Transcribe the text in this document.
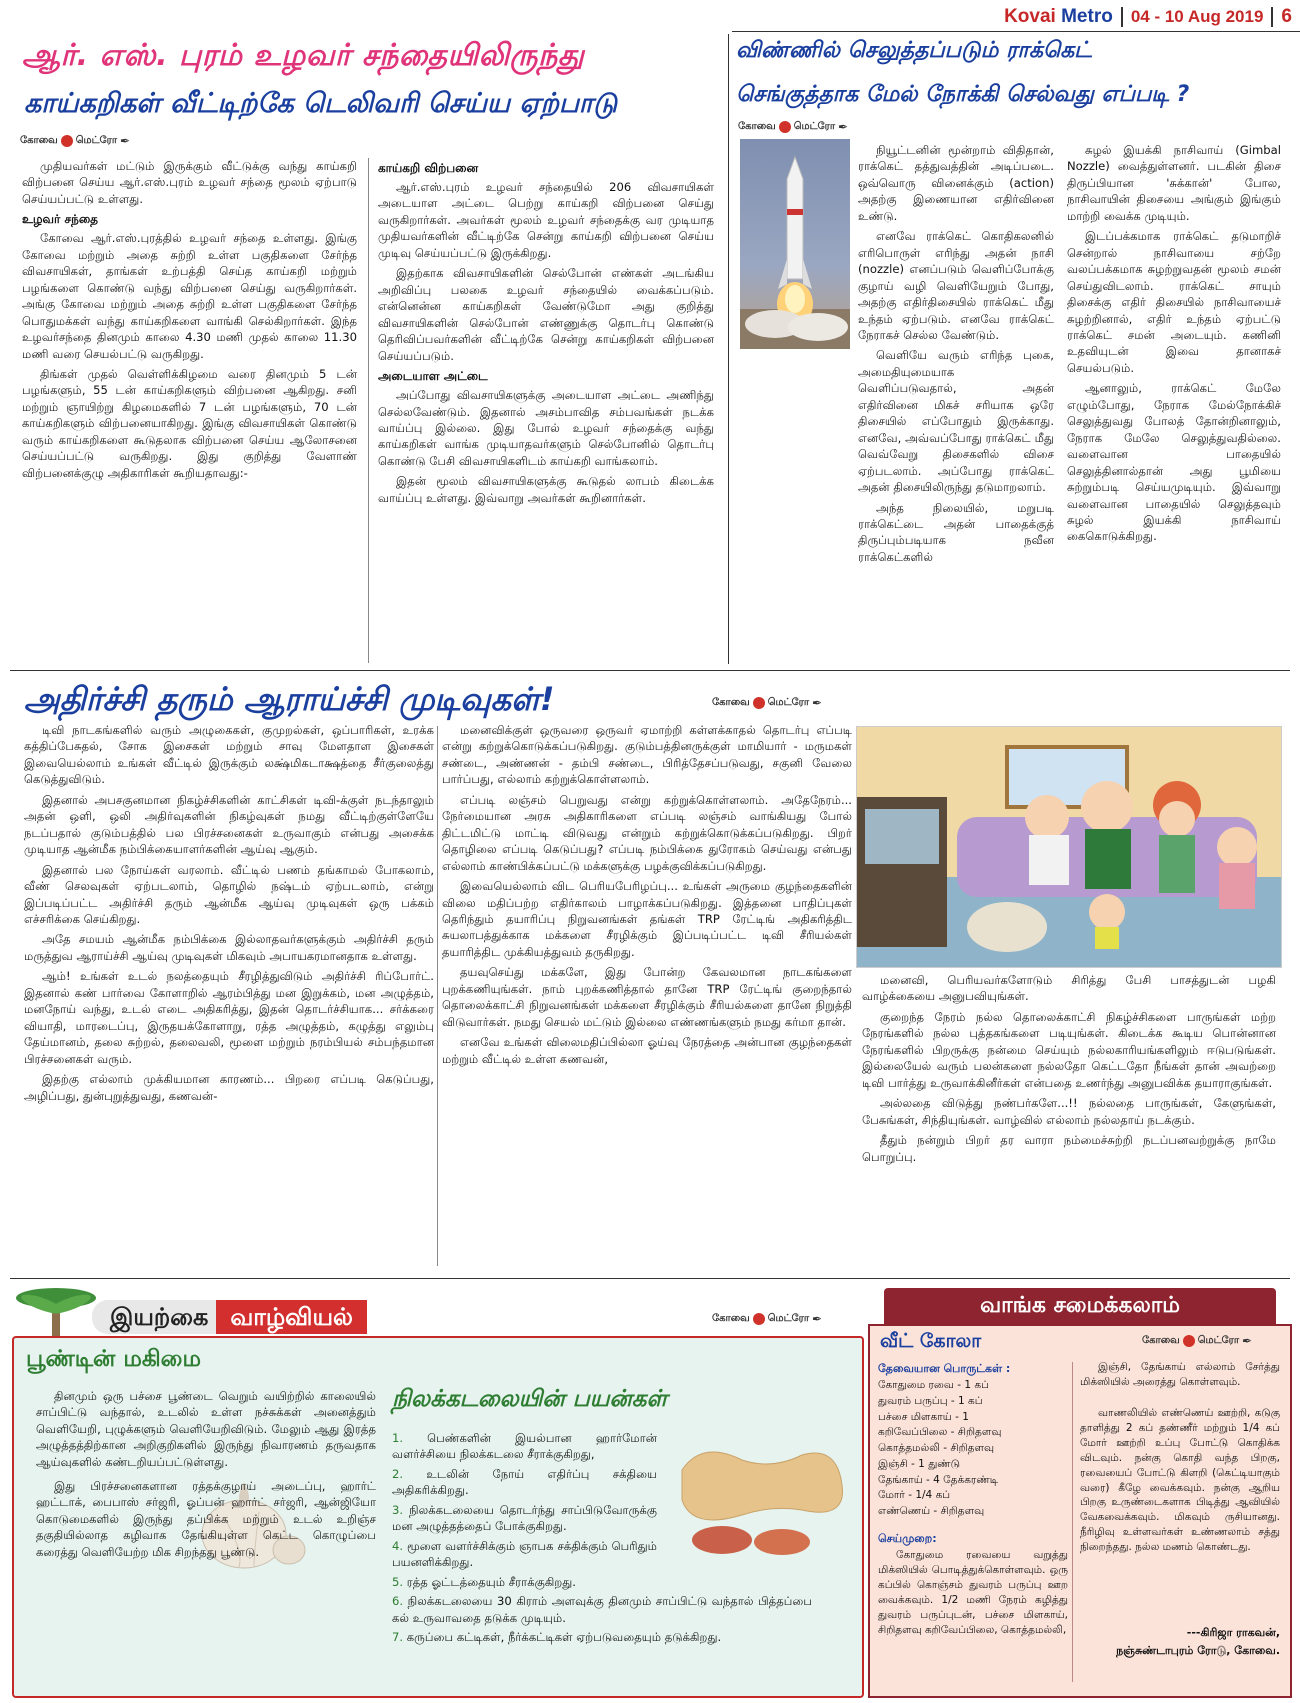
Kovai Metro 04 - 10 Aug 2019 6
ஆர். எஸ். புரம் உழவர் சந்தையிலிருந்து
காய்கறிகள் வீட்டிற்கே டெலிவரி செய்ய ஏற்பாடு
கோவை மெட்ரோ ✒

முதியவர்கள் மட்டும் இருக்கும் வீட்டுக்கு வந்து காய்கறி விற்பனை செய்ய ஆர்.எஸ்.புரம் உழவர் சந்தை மூலம் ஏற்பாடு செய்யப்பட்டு உள்ளது.

உழவர் சந்தை

கோவை ஆர்.எஸ்.புரத்தில் உழவர் சந்தை உள்ளது. இங்கு கோவை மற்றும் அதை சுற்றி உள்ள பகுதிகளை சேர்ந்த விவசாயிகள், தாங்கள் உற்பத்தி செய்த காய்கறி மற்றும் பழங்களை கொண்டு வந்து விற்பனை செய்து வருகிறார்கள். அங்கு கோவை மற்றும் அதை சுற்றி உள்ள பகுதிகளை சேர்ந்த பொதுமக்கள் வந்து காய்கறிகளை வாங்கி செல்கிறார்கள். இந்த உழவர்சந்தை தினமும் காலை 4.30 மணி முதல் காலை 11.30 மணி வரை செயல்பட்டு வருகிறது.

திங்கள் முதல் வெள்ளிக்கிழமை வரை தினமும் 5 டன் பழங்களும், 55 டன் காய்கறிகளும் விற்பனை ஆகிறது. சனி மற்றும் ஞாயிற்று கிழமைகளில் 7 டன் பழங்களும், 70 டன் காய்கறிகளும் விற்பனையாகிறது. இங்கு விவசாயிகள் கொண்டு வரும் காய்கறிகளை கூடுதலாக விற்பனை செய்ய ஆலோசனை செய்யப்பட்டு வருகிறது. இது குறித்து வேளாண் விற்பனைக்குழு அதிகாரிகள் கூறியதாவது:-

காய்கறி விற்பனை

ஆர்.எஸ்.புரம் உழவர் சந்தையில் 206 விவசாயிகள் அடையாள அட்டை பெற்று காய்கறி விற்பனை செய்து வருகிறார்கள். அவர்கள் மூலம் உழவர் சந்தைக்கு வர முடியாத முதியவர்களின் வீட்டிற்கே சென்று காய்கறி விற்பனை செய்ய முடிவு செய்யப்பட்டு இருக்கிறது.

இதற்காக விவசாயிகளின் செல்போன் எண்கள் அடங்கிய அறிவிப்பு பலகை உழவர் சந்தையில் வைக்கப்படும். என்னென்ன காய்கறிகள் வேண்டுமோ அது குறித்து விவசாயிகளின் செல்போன் எண்ணுக்கு தொடர்பு கொண்டு தெரிவிப்பவர்களின் வீட்டிற்கே சென்று காய்கறிகள் விற்பனை செய்யப்படும்.

அடையாள அட்டை

அப்போது விவசாயிகளுக்கு அடையாள அட்டை அணிந்து செல்லவேண்டும். இதனால் அசம்பாவித சம்பவங்கள் நடக்க வாய்ப்பு இல்லை. இது போல் உழவர் சந்தைக்கு வந்து காய்கறிகள் வாங்க முடியாதவர்களும் செல்போனில் தொடர்பு கொண்டு பேசி விவசாயிகளிடம் காய்கறி வாங்கலாம்.

இதன் மூலம் விவசாயிகளுக்கு கூடுதல் லாபம் கிடைக்க வாய்ப்பு உள்ளது. இவ்வாறு அவர்கள் கூறினார்கள்.

விண்ணில் செலுத்தப்படும் ராக்கெட்
செங்குத்தாக மேல் நோக்கி செல்வது எப்படி ?
கோவை மெட்ரோ ✒

நியூட்டனின் மூன்றாம் விதிதான், ராக்கெட் தத்துவத்தின் அடிப்படை. ஒவ்வொரு வினைக்கும் (action) அதற்கு இணையான எதிர்வினை உண்டு.

எனவே ராக்கெட் கொதிகலனில் எரிபொருள் எரிந்து அதன் நாசி (nozzle) எனப்படும் வெளிப்போக்கு குழாய் வழி வெளியேறும் போது, அதற்கு எதிர்திசையில் ராக்கெட் மீது உந்தம் ஏற்படும். எனவே ராக்கெட் நேராகச் செல்ல வேண்டும்.

வெளியே வரும் எரிந்த புகை, அமைதியுமையாக வெளிப்படுவதால், அதன் எதிர்வினை மிகச் சரியாக ஒரே திசையில் எப்போதும் இருக்காது. எனவே, அவ்வப்போது ராக்கெட் மீது வெவ்வேறு திசைகளில் விசை ஏற்படலாம். அப்போது ராக்கெட் அதன் திசையிலிருந்து தடுமாறலாம்.

அந்த நிலையில், மறுபடி ராக்கெட்டை அதன் பாதைக்குத் திருப்பும்படியாக நவீன ராக்கெட்களில்

சுழல் இயக்கி நாசிவாய் (Gimbal Nozzle) வைத்துள்ளனர். படகின் திசை திருப்பியான 'சுக்கான்' போல, நாசிவாயின் திசையை அங்கும் இங்கும் மாற்றி வைக்க முடியும்.

இடப்பக்கமாக ராக்கெட் தடுமாறிச் சென்றால் நாசிவாயை சற்றே வலப்பக்கமாக சுழற்றுவதன் மூலம் சமன் செய்துவிடலாம். ராக்கெட் சாயும் திசைக்கு எதிர் திசையில் நாசிவாயைச் சுழற்றினால், எதிர் உந்தம் ஏற்பட்டு ராக்கெட் சமன் அடையும். கணினி உதவியுடன் இவை தானாகச் செயல்படும்.

ஆனாலும், ராக்கெட் மேலே எழும்போது, நேராக மேல்நோக்கிச் செலுத்துவது போலத் தோன்றினாலும், நேராக மேலே செலுத்துவதில்லை. வளைவான பாதையில் செலுத்தினால்தான் அது பூமியை சுற்றும்படி செய்யமுடியும். இவ்வாறு வளைவான பாதையில் செலுத்தவும் சுழல் இயக்கி நாசிவாய் கைகொடுக்கிறது.

அதிர்ச்சி தரும் ஆராய்ச்சி முடிவுகள்!	கோவை மெட்ரோ ✒

டிவி நாடகங்களில் வரும் அழுகைகள், குமுறல்கள், ஒப்பாரிகள், உரக்க கத்திப்பேசுதல், சோக இசைகள் மற்றும் சாவு மேளதாள இசைகள் இவையெல்லாம் உங்கள் வீட்டில் இருக்கும் லக்ஷ்மிகடாக்ஷத்தை சீர்குலைத்து கெடுத்துவிடும்.

இதனால் அபசகுனமான நிகழ்ச்சிகளின் காட்சிகள் டிவி-க்குள் நடந்தாலும் அதன் ஒளி, ஒலி அதிர்வுகளின் நிகழ்வுகள் நமது வீட்டிற்குள்ளேயே நடப்பதால் குடும்பத்தில் பல பிரச்சனைகள் உருவாகும் என்பது அசைக்க முடியாத ஆன்மீக நம்பிக்கையாளர்களின் ஆய்வு ஆகும்.

இதனால் பல நோய்கள் வரலாம். வீட்டில் பணம் தங்காமல் போகலாம், வீண் செலவுகள் ஏற்படலாம், தொழில் நஷ்டம் ஏற்படலாம், என்று இப்படிப்பட்ட அதிர்ச்சி தரும் ஆன்மீக ஆய்வு முடிவுகள் ஒரு பக்கம் எச்சரிக்கை செய்கிறது.

அதே சமயம் ஆன்மீக நம்பிக்கை இல்லாதவர்களுக்கும் அதிர்ச்சி தரும் மருத்துவ ஆராய்ச்சி ஆய்வு முடிவுகள் மிகவும் அபாயகரமானதாக உள்ளது.

ஆம்! உங்கள் உடல் நலத்தையும் சீரழித்துவிடும் அதிர்ச்சி ரிப்போர்ட். இதனால் கண் பார்வை கோளாறில் ஆரம்பித்து மன இறுக்கம், மன அழுத்தம், மனநோய் வந்து, உடல் எடை அதிகரித்து, இதன் தொடர்ச்சியாக... சர்க்கரை வியாதி, மாரடைப்பு, இருதயக்கோளாறு, ரத்த அழுத்தம், கழுத்து எலும்பு தேய்மானம், தலை சுற்றல், தலைவலி, மூளை மற்றும் நரம்பியல் சம்பந்தமான பிரச்சனைகள் வரும்.

இதற்கு எல்லாம் முக்கியமான காரணம்... பிறரை எப்படி கெடுப்பது, அழிப்பது, துன்புறுத்துவது, கணவன்-

மனைவிக்குள் ஒருவரை ஒருவர் ஏமாற்றி கள்ளக்காதல் தொடர்பு எப்படி என்று கற்றுக்கொடுக்கப்படுகிறது. குடும்பத்தினருக்குள் மாமியார் - மருமகள் சண்டை, அண்ணன் - தம்பி சண்டை, பிரித்தேசப்படுவது, சகுனி வேலை பார்ப்பது, எல்லாம் கற்றுக்கொள்ளலாம்.

எப்படி லஞ்சம் பெறுவது என்று கற்றுக்கொள்ளலாம். அதேநேரம்... நேர்மையான அரசு அதிகாரிகளை எப்படி லஞ்சம் வாங்கியது போல் திட்டமிட்டு மாட்டி விடுவது என்றும் கற்றுக்கொடுக்கப்படுகிறது. பிறர் தொழிலை எப்படி கெடுப்பது? எப்படி நம்பிக்கை துரோகம் செய்வது என்பது எல்லாம் காண்பிக்கப்பட்டு மக்களுக்கு பழக்குவிக்கப்படுகிறது.

இவையெல்லாம் விட பெரியபேரிழப்பு... உங்கள் அருமை குழந்தைகளின் விலை மதிப்பற்ற எதிர்காலம் பாழாக்கப்படுகிறது. இத்தனை பாதிப்புகள் தெரிந்தும் தயாரிப்பு நிறுவனங்கள் தங்கள் TRP ரேட்டிங் அதிகரித்திட சுயலாபத்துக்காக மக்களை சீரழிக்கும் இப்படிப்பட்ட டிவி சீரியல்கள் தயாரித்திட முக்கியத்துவம் தருகிறது.

தயவுசெய்து மக்களே, இது போன்ற கேவலமான நாடகங்களை புறக்கணியுங்கள். நாம் புறக்கணித்தால் தானே TRP ரேட்டிங் குறைந்தால் தொலைக்காட்சி நிறுவனங்கள் மக்களை சீரழிக்கும் சீரியல்களை தானே நிறுத்தி விடுவார்கள். நமது செயல் மட்டும் இல்லை எண்ணங்களும் நமது கர்மா தான்.

எனவே உங்கள் விலைமதிப்பில்லா ஓய்வு நேரத்தை அன்பான குழந்தைகள் மற்றும் வீட்டில் உள்ள கணவன்,

மனைவி, பெரியவர்களோடும் சிரித்து பேசி பாசத்துடன் பழகி வாழ்க்கையை அனுபவியுங்கள்.

குறைந்த நேரம் நல்ல தொலைக்காட்சி நிகழ்ச்சிகளை பாருங்கள் மற்ற நேரங்களில் நல்ல புத்தகங்களை படியுங்கள். கிடைக்க கூடிய பொன்னான நேரங்களில் பிறருக்கு நன்மை செய்யும் நல்லகாரியங்களிலும் ஈடுபடுங்கள். இல்லையேல் வரும் பலன்களை நல்லதோ கெட்டதோ நீங்கள் தான் அவற்றை டிவி பார்த்து உருவாக்கினீர்கள் என்பதை உணர்ந்து அனுபவிக்க தயாராகுங்கள்.

அல்லதை விடுத்து நண்பர்களே...!! நல்லதை பாருங்கள், கேளுங்கள், பேசுங்கள், சிந்தியுங்கள். வாழ்வில் எல்லாம் நல்லதாய் நடக்கும்.

தீதும் நன்றும் பிறர் தர வாரா நம்மைச்சுற்றி நடப்பனவற்றுக்கு நாமே பொறுப்பு.

இயற்கை வாழ்வியல்	கோவை மெட்ரோ ✒
பூண்டின் மகிமை
தினமும் ஒரு பச்சை பூண்டை வெறும் வயிற்றில் காலையில் சாப்பிட்டு வந்தால், உடலில் உள்ள நச்சுக்கள் அனைத்தும் வெளியேறி, புழுக்களும் வெளியேறிவிடும். மேலும் ஆது இரத்த அழுத்தத்திற்கான அறிகுறிகளில் இருந்து நிவாரணம் தருவதாக ஆய்வுகளில் கண்டறியப்பட்டுள்ளது.
இது பிரச்சனைகளான ரத்தக்குழாய் அடைப்பு, ஹார்ட் ஹட்டாக், பைபாஸ் சர்ஜரி, ஓப்பன் ஹார்ட் சர்ஜரி, ஆன்ஜியோ கொடுமைகளில் இருந்து தப்பிக்க மற்றும் உடல் உறிஞ்ச தகுதியில்லாத கழிவாக தேங்கியுள்ள கெட்ட கொழுப்பை கரைத்து வெளியேற்ற மிக சிறந்தது பூண்டு.
நிலக்கடலையின் பயன்கள்
1. பெண்களின் இயல்பான ஹார்மோன் வளர்ச்சியை நிலக்கடலை சீராக்குகிறது,
2. உடலின் நோய் எதிர்ப்பு சக்தியை அதிகரிக்கிறது.
3. நிலக்கடலையை தொடர்ந்து சாப்பிடுவோருக்கு மன அழுத்தத்தைப் போக்குகிறது.
4. மூளை வளர்ச்சிக்கும் ஞாபக சக்திக்கும் பெரிதும் பயனளிக்கிறது.
5. ரத்த ஓட்டத்தையும் சீராக்குகிறது.
6. நிலக்கடலையை 30 கிராம் அளவுக்கு தினமும் சாப்பிட்டு வந்தால் பித்தப்பை கல் உருவாவதை தடுக்க முடியும்.
7. கருப்பை கட்டிகள், நீர்க்கட்டிகள் ஏற்படுவதையும் தடுக்கிறது.
வாங்க சமைக்கலாம்
வீட் கோலா	கோவை மெட்ரோ ✒
தேவையான பொருட்கள் :
கோதுமை ரவை - 1 கப்
துவரம் பருப்பு - 1 கப்
பச்சை மிளகாய் - 1
கறிவேப்பிலை - சிறிதளவு
கொத்தமல்லி - சிறிதளவு
இஞ்சி - 1 துண்டு
தேங்காய் - 4 தேக்கரண்டி
மோர் - 1/4 கப்
எண்ணெய் - சிறிதளவு
செய்முறை:
கோதுமை ரவையை வறுத்து மிக்ஸியில் பொடித்துக்கொள்ளவும். ஒரு கப்பில் கொஞ்சம் துவரம் பருப்பு ஊற வைக்கவும். 1/2 மணி நேரம் கழித்து துவரம் பருப்புடன், பச்சை மிளகாய், சிறிதளவு கறிவேப்பிலை, கொத்தமல்லி,
இஞ்சி, தேங்காய் எல்லாம் சேர்த்து மிக்ஸியில் அரைத்து கொள்ளவும்.
வாணலியில் எண்ணெய் ஊற்றி, கடுகு தாளித்து 2 கப் தண்ணீர் மற்றும் 1/4 கப் மோர் ஊற்றி உப்பு போட்டு கொதிக்க விடவும். நன்கு கொதி வந்த பிறகு, ரவையைப் போட்டு கிளறி (கெட்டியாகும் வரை) கீழே வைக்கவும். நன்கு ஆறிய பிறகு உருண்டைகளாக பிடித்து ஆவியில் வேகவைக்கவும். மிகவும் ருசியானது. நீரிழிவு உள்ளவர்கள் உண்ணலாம் சத்து நிறைந்தது. நல்ல மணம் கொண்டது.
---கிரிஜா ராகவன்,
நஞ்சுண்டாபுரம் ரோடு, கோவை.
